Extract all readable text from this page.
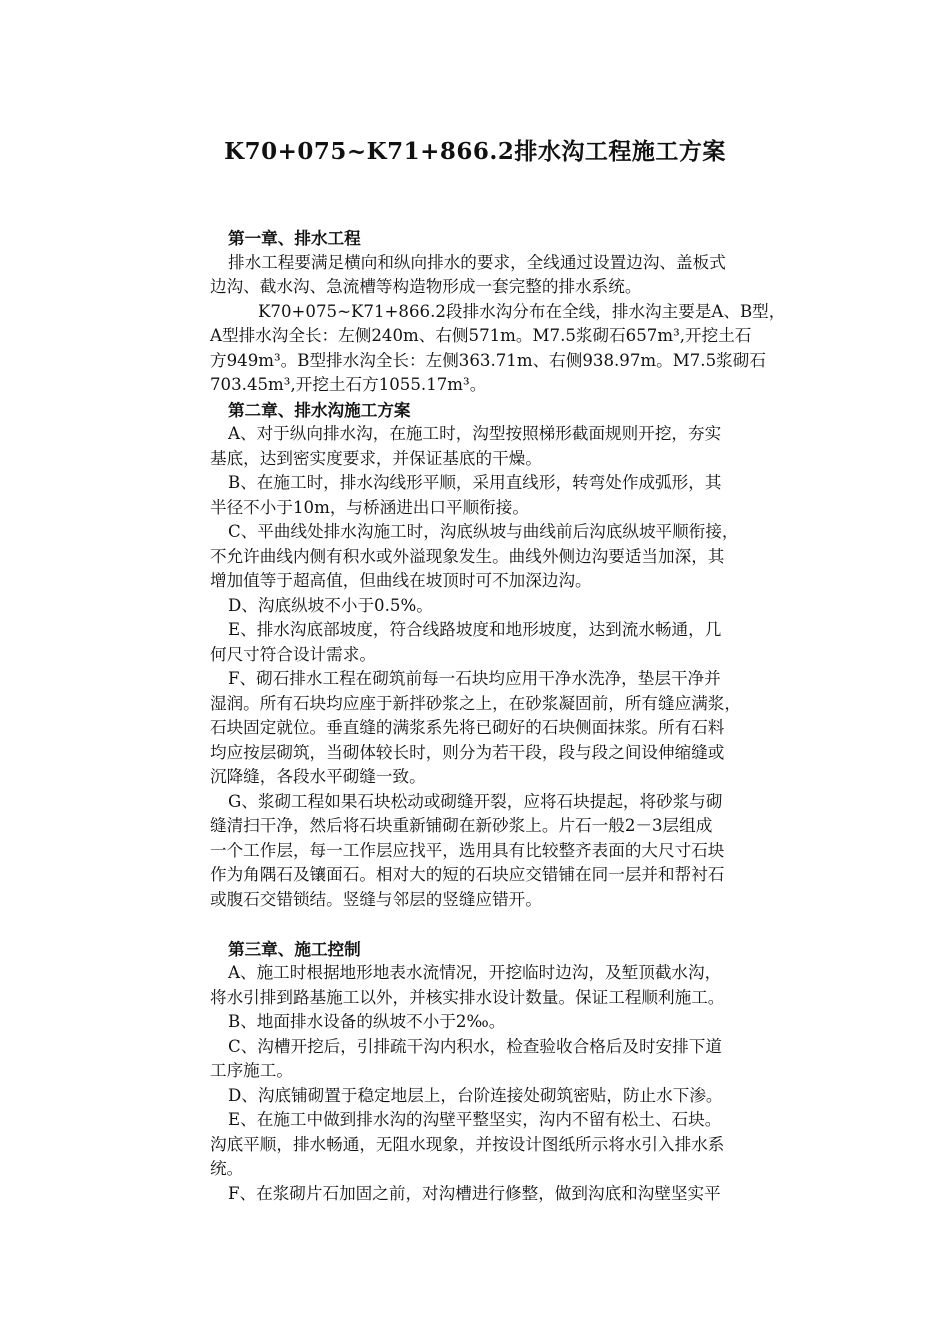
K70+075~K71+866.2排水沟工程施工方案
第一章、排水工程
排水工程要满足横向和纵向排水的要求，全线通过设置边沟、盖板式
边沟、截水沟、急流槽等构造物形成一套完整的排水系统。
K70+075~K71+866.2段排水沟分布在全线，排水沟主要是A、B型，
A型排水沟全长：左侧240m、右侧571m。M7.5浆砌石657m³,开挖土石
方949m³。B型排水沟全长：左侧363.71m、右侧938.97m。M7.5浆砌石
703.45m³,开挖土石方1055.17m³。
第二章、排水沟施工方案
A、对于纵向排水沟，在施工时，沟型按照梯形截面规则开挖，夯实
基底，达到密实度要求，并保证基底的干燥。
B、在施工时，排水沟线形平顺，采用直线形，转弯处作成弧形，其
半径不小于10m，与桥涵进出口平顺衔接。
C、平曲线处排水沟施工时，沟底纵坡与曲线前后沟底纵坡平顺衔接，
不允许曲线内侧有积水或外溢现象发生。曲线外侧边沟要适当加深，其
增加值等于超高值，但曲线在坡顶时可不加深边沟。
D、沟底纵坡不小于0.5%。
E、排水沟底部坡度，符合线路坡度和地形坡度，达到流水畅通，几
何尺寸符合设计需求。
F、砌石排水工程在砌筑前每一石块均应用干净水洗净，垫层干净并
湿润。所有石块均应座于新拌砂浆之上，在砂浆凝固前，所有缝应满浆，
石块固定就位。垂直缝的满浆系先将已砌好的石块侧面抹浆。所有石料
均应按层砌筑，当砌体较长时，则分为若干段，段与段之间设伸缩缝或
沉降缝，各段水平砌缝一致。
G、浆砌工程如果石块松动或砌缝开裂，应将石块提起，将砂浆与砌
缝清扫干净，然后将石块重新铺砌在新砂浆上。片石一般2－3层组成
一个工作层，每一工作层应找平，选用具有比较整齐表面的大尺寸石块
作为角隅石及镶面石。相对大的短的石块应交错铺在同一层并和帮衬石
或腹石交错锁结。竖缝与邻层的竖缝应错开。
第三章、施工控制
A、施工时根据地形地表水流情况，开挖临时边沟，及堑顶截水沟，
将水引排到路基施工以外，并核实排水设计数量。保证工程顺利施工。
B、地面排水设备的纵坡不小于2‰。
C、沟槽开挖后，引排疏干沟内积水，检查验收合格后及时安排下道
工序施工。
D、沟底铺砌置于稳定地层上，台阶连接处砌筑密贴，防止水下渗。
E、在施工中做到排水沟的沟壁平整坚实，沟内不留有松土、石块。
沟底平顺，排水畅通，无阻水现象，并按设计图纸所示将水引入排水系
统。
F、在浆砌片石加固之前，对沟槽进行修整，做到沟底和沟壁坚实平
